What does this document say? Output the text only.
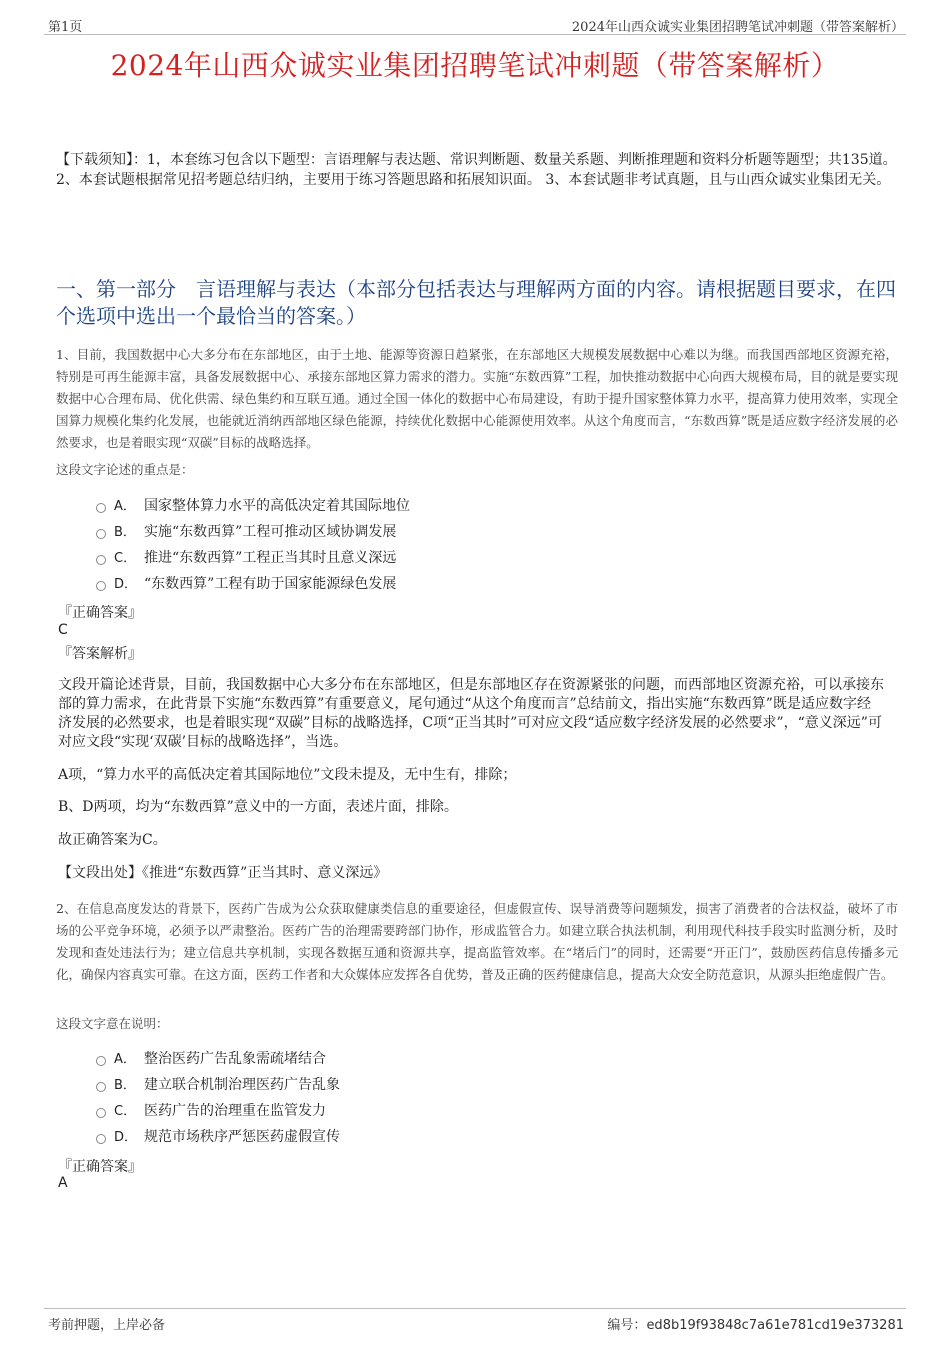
第1页	2024年山西众诚实业集团招聘笔试冲刺题（带答案解析）
2024年山西众诚实业集团招聘笔试冲刺题（带答案解析）
【下载须知】：1，本套练习包含以下题型：言语理解与表达题、常识判断题、数量关系题、判断推理题和资料分析题等题型；共135道。 2、本套试题根据常见招考题总结归纳，主要用于练习答题思路和拓展知识面。 3、本套试题非考试真题，且与山西众诚实业集团无关。
一、第一部分　言语理解与表达（本部分包括表达与理解两方面的内容。请根据题目要求，在四个选项中选出一个最恰当的答案。）
1、目前，我国数据中心大多分布在东部地区，由于土地、能源等资源日趋紧张，在东部地区大规模发展数据中心难以为继。而我国西部地区资源充裕，特别是可再生能源丰富，具备发展数据中心、承接东部地区算力需求的潜力。实施“东数西算”工程，加快推动数据中心向西大规模布局，目的就是要实现数据中心合理布局、优化供需、绿色集约和互联互通。通过全国一体化的数据中心布局建设，有助于提升国家整体算力水平，提高算力使用效率，实现全国算力规模化集约化发展，也能就近消纳西部地区绿色能源，持续优化数据中心能源使用效率。从这个角度而言，“东数西算”既是适应数字经济发展的必然要求，也是着眼实现“双碳”目标的战略选择。
这段文字论述的重点是：
A． 国家整体算力水平的高低决定着其国际地位
B． 实施“东数西算”工程可推动区域协调发展
C． 推进“东数西算”工程正当其时且意义深远
D． “东数西算”工程有助于国家能源绿色发展
『正确答案』
C
『答案解析』
文段开篇论述背景，目前，我国数据中心大多分布在东部地区，但是东部地区存在资源紧张的问题，而西部地区资源充裕，可以承接东部的算力需求，在此背景下实施“东数西算”有重要意义，尾句通过“从这个角度而言”总结前文，指出实施“东数西算”既是适应数字经济发展的必然要求，也是着眼实现“双碳”目标的战略选择，C项“正当其时”可对应文段“适应数字经济发展的必然要求”，“意义深远”可对应文段“实现‘双碳’目标的战略选择”，当选。
A项，“算力水平的高低决定着其国际地位”文段未提及，无中生有，排除；
B、D两项，均为“东数西算”意义中的一方面，表述片面，排除。
故正确答案为C。
【文段出处】《推进“东数西算”正当其时、意义深远》
2、在信息高度发达的背景下，医药广告成为公众获取健康类信息的重要途径，但虚假宣传、误导消费等问题频发，损害了消费者的合法权益，破坏了市场的公平竞争环境，必须予以严肃整治。医药广告的治理需要跨部门协作，形成监管合力。如建立联合执法机制，利用现代科技手段实时监测分析，及时发现和查处违法行为；建立信息共享机制，实现各数据互通和资源共享，提高监管效率。在“堵后门”的同时，还需要“开正门”，鼓励医药信息传播多元化，确保内容真实可靠。在这方面，医药工作者和大众媒体应发挥各自优势，普及正确的医药健康信息，提高大众安全防范意识，从源头拒绝虚假广告。
这段文字意在说明：
A． 整治医药广告乱象需疏堵结合
B． 建立联合机制治理医药广告乱象
C． 医药广告的治理重在监管发力
D． 规范市场秩序严惩医药虚假宣传
『正确答案』
A
考前押题，上岸必备	编号：ed8b19f93848c7a61e781cd19e373281
